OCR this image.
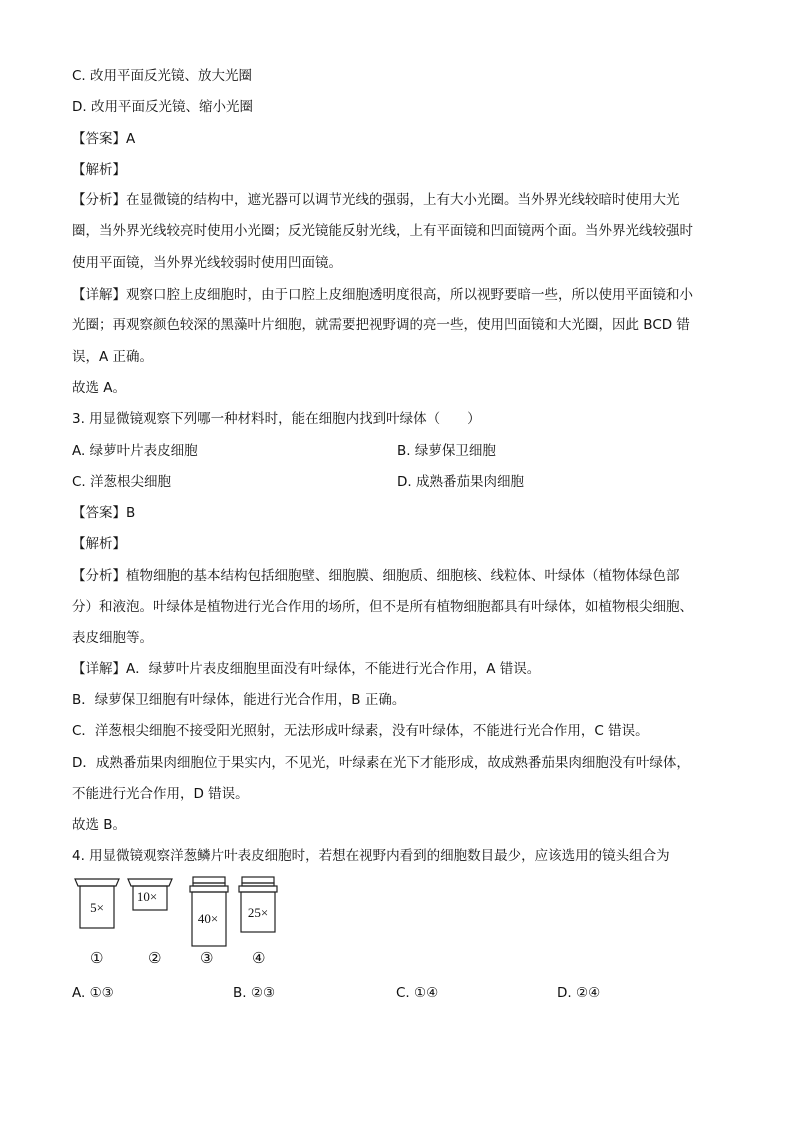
C. 改用平面反光镜、放大光圈
D. 改用平面反光镜、缩小光圈
【答案】A
【解析】
【分析】在显微镜的结构中，遮光器可以调节光线的强弱，上有大小光圈。当外界光线较暗时使用大光
圈，当外界光线较亮时使用小光圈；反光镜能反射光线，上有平面镜和凹面镜两个面。当外界光线较强时
使用平面镜，当外界光线较弱时使用凹面镜。
【详解】观察口腔上皮细胞时，由于口腔上皮细胞透明度很高，所以视野要暗一些，所以使用平面镜和小
光圈；再观察颜色较深的黑藻叶片细胞，就需要把视野调的亮一些，使用凹面镜和大光圈，因此 BCD 错
误，A 正确。
故选 A。
3. 用显微镜观察下列哪一种材料时，能在细胞内找到叶绿体（　　）
A. 绿萝叶片表皮细胞	B. 绿萝保卫细胞
C. 洋葱根尖细胞	D. 成熟番茄果肉细胞
【答案】B
【解析】
【分析】植物细胞的基本结构包括细胞壁、细胞膜、细胞质、细胞核、线粒体、叶绿体（植物体绿色部
分）和液泡。叶绿体是植物进行光合作用的场所，但不是所有植物细胞都具有叶绿体，如植物根尖细胞、
表皮细胞等。
【详解】A．绿萝叶片表皮细胞里面没有叶绿体，不能进行光合作用，A 错误。
B．绿萝保卫细胞有叶绿体，能进行光合作用，B 正确。
C．洋葱根尖细胞不接受阳光照射，无法形成叶绿素，没有叶绿体，不能进行光合作用，C 错误。
D．成熟番茄果肉细胞位于果实内，不见光，叶绿素在光下才能形成，故成熟番茄果肉细胞没有叶绿体，
不能进行光合作用，D 错误。
故选 B。
4. 用显微镜观察洋葱鳞片叶表皮细胞时，若想在视野内看到的细胞数目最少，应该选用的镜头组合为
5×
10×
40× 25×
①	②	③	④
A. ①③	B. ②③	C. ①④	D. ②④
